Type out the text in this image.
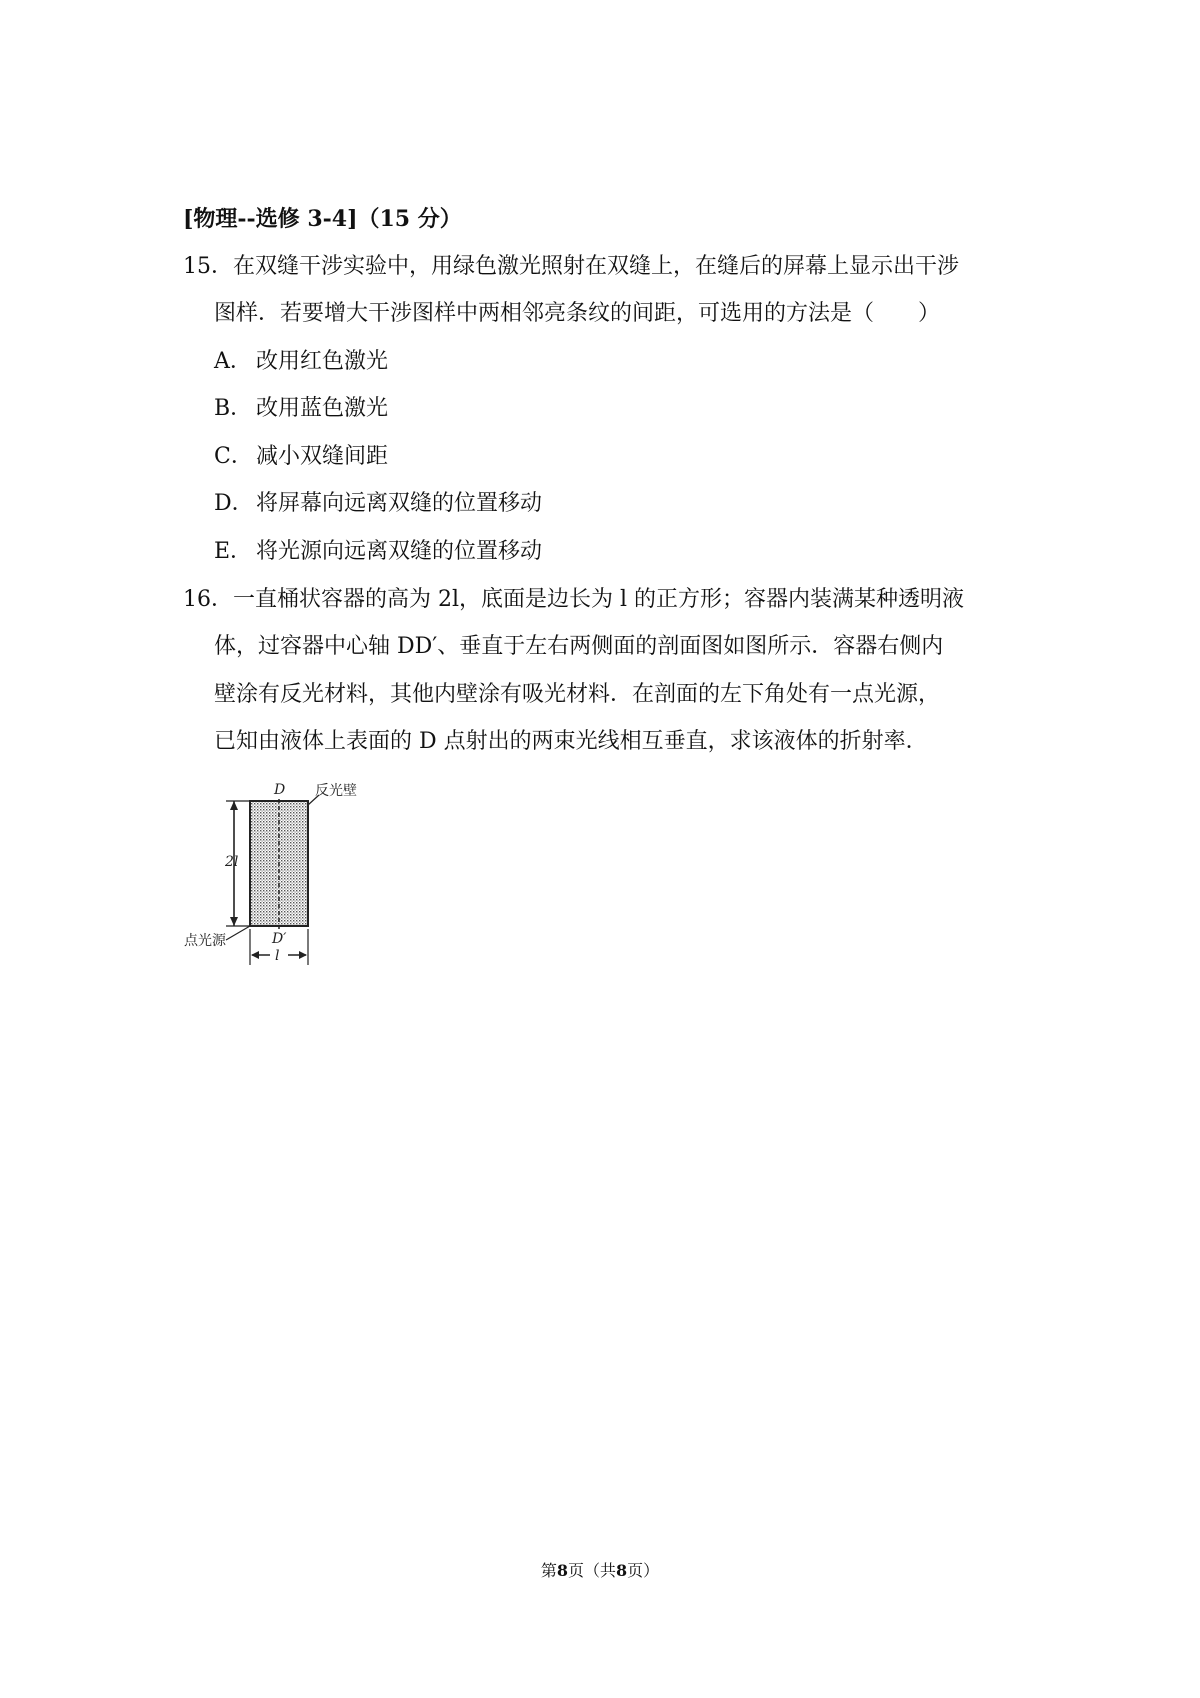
[物理--选修 3-4]（15 分）
15．在双缝干涉实验中，用绿色激光照射在双缝上，在缝后的屏幕上显示出干涉
图样．若要增大干涉图样中两相邻亮条纹的间距，可选用的方法是（　　）
A． 改用红色激光
B． 改用蓝色激光
C． 减小双缝间距
D． 将屏幕向远离双缝的位置移动
E． 将光源向远离双缝的位置移动
16．一直桶状容器的高为 2l，底面是边长为 l 的正方形；容器内装满某种透明液
体，过容器中心轴 DD′、垂直于左右两侧面的剖面图如图所示．容器右侧内
壁涂有反光材料，其他内壁涂有吸光材料．在剖面的左下角处有一点光源，
已知由液体上表面的 D 点射出的两束光线相互垂直，求该液体的折射率．
D
D′
反光壁
2l
l
点光源
第8页（共8页）
